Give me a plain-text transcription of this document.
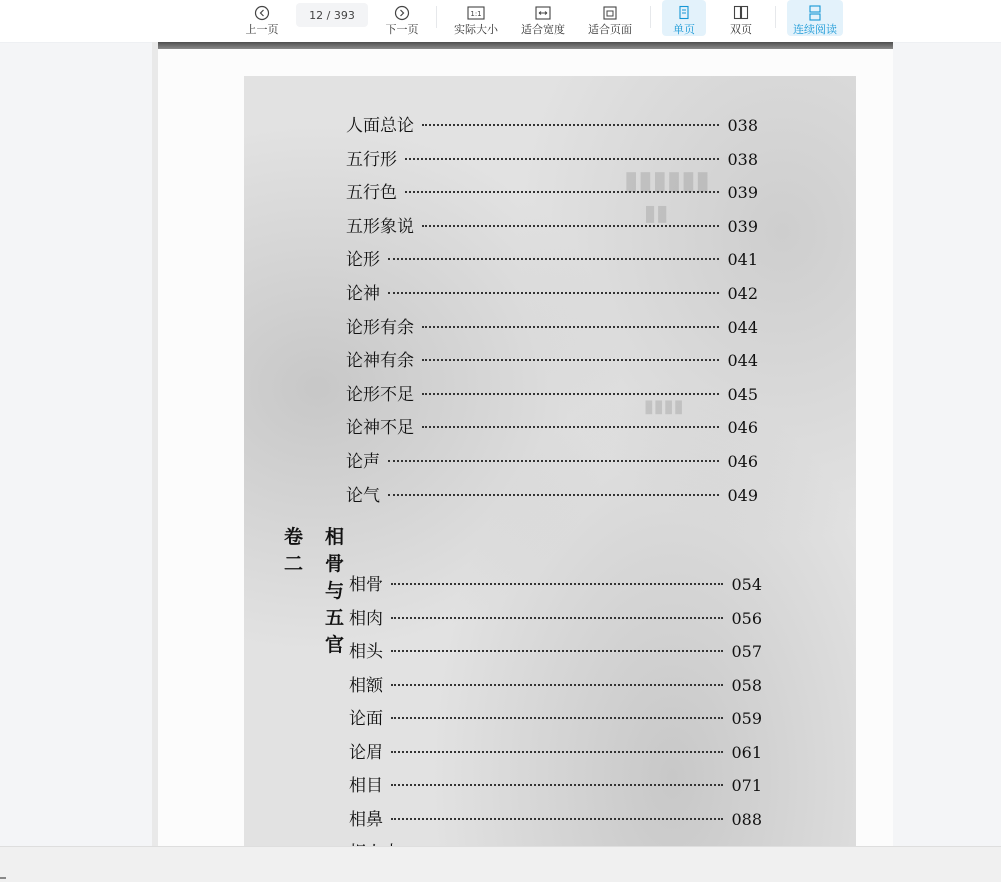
上一页
12 / 393
下一页
1:1
实际大小 适合宽度 适合页面	单页	双页	连续阅读
▮▮▮▮▮▮
▮▮
▮▮▮▮
人面总论	038
五行形	038
五行色	039
五形象说	039
论形	041
论神	042
论形有余	044
论神有余	044
论形不足	045
论神不足	046
论声	046
论气	049
卷二
相骨与五官
相骨	054
相肉	056
相头	057
相额	058
论面	059
论眉	061
相目	071
相鼻	088
